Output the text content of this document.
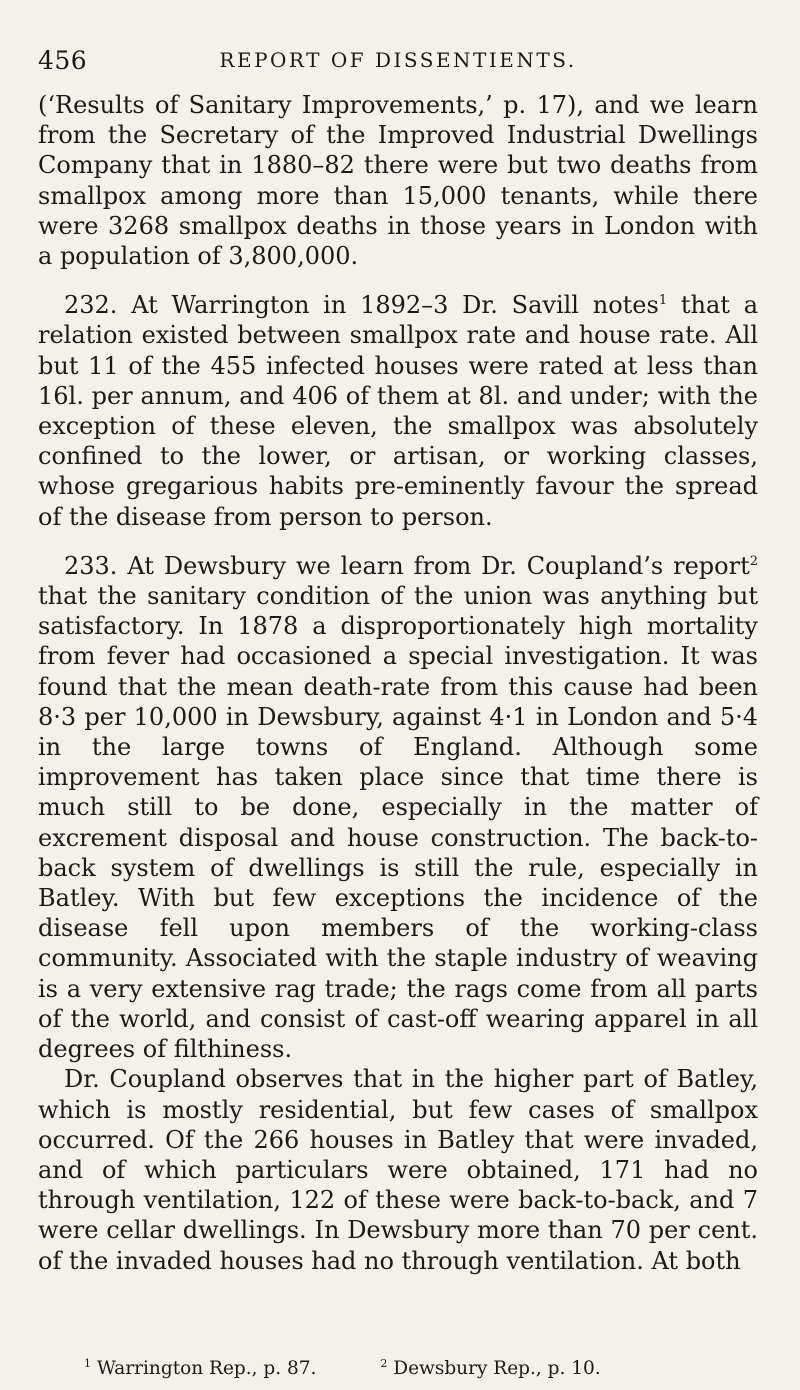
456	REPORT OF DISSENTIENTS.

(‘Results of Sanitary Improvements,’ p. 17), and we learn from the Secretary of the Improved Industrial Dwellings Company that in 1880–82 there were but two deaths from smallpox among more than 15,000 tenants, while there were 3268 smallpox deaths in those years in London with a population of 3,800,000.

232. At Warrington in 1892–3 Dr. Savill notes$^1$ that a relation existed between smallpox rate and house rate. All but 11 of the 455 infected houses were rated at less than 16l. per annum, and 406 of them at 8l. and under; with the exception of these eleven, the smallpox was absolutely confined to the lower, or artisan, or working classes, whose gregarious habits pre-eminently favour the spread of the disease from person to person.

233. At Dewsbury we learn from Dr. Coupland’s report$^2$ that the sanitary condition of the union was anything but satisfactory. In 1878 a disproportionately high mortality from fever had occasioned a special investigation. It was found that the mean death-rate from this cause had been 8·3 per 10,000 in Dewsbury, against 4·1 in London and 5·4 in the large towns of England. Although some improvement has taken place since that time there is much still to be done, especially in the matter of excrement disposal and house construction. The back-to-back system of dwellings is still the rule, especially in Batley. With but few exceptions the incidence of the disease fell upon members of the working-class community. Associated with the staple industry of weaving is a very extensive rag trade; the rags come from all parts of the world, and consist of cast-off wearing apparel in all degrees of filthiness.

Dr. Coupland observes that in the higher part of Batley, which is mostly residential, but few cases of smallpox occurred. Of the 266 houses in Batley that were invaded, and of which particulars were obtained, 171 had no through ventilation, 122 of these were back-to-back, and 7 were cellar dwellings. In Dewsbury more than 70 per cent. of the invaded houses had no through ventilation. At both

$^1$ Warrington Rep., p. 87.	$^2$ Dewsbury Rep., p. 10.
